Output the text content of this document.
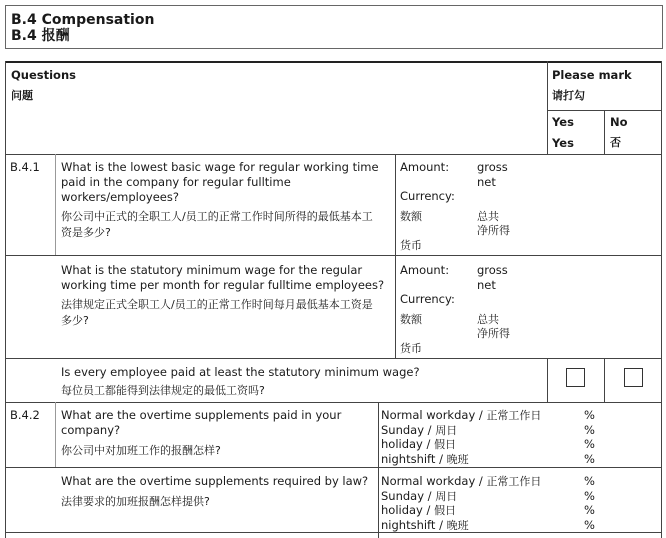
B.4 Compensation
B.4 报酬
Questions
问题
Please mark
请打勾
Yes
Yes
No
否
B.4.1 What is the lowest basic wage for regular working time
paid in the company for regular fulltime
workers/employees?
你公司中正式的全职工人/员工的正常工作时间所得的最低基本工
资是多少?
Amount: gross
net
Currency:
数额	总共
净所得
货币
What is the statutory minimum wage for the regular
working time per month for regular fulltime employees?
法律规定正式全职工人/员工的正常工作时间每月最低基本工资是
多少?
Amount: gross
net
Currency:
数额	总共
净所得
货币
Is every employee paid at least the statutory minimum wage?
每位员工都能得到法律规定的最低工资吗?
B.4.2 What are the overtime supplements paid in your
company?
你公司中对加班工作的报酬怎样?
Normal workday / 正常工作日
Sunday / 周日
holiday / 假日
nightshift / 晚班
%
%
%
%
What are the overtime supplements required by law?
法律要求的加班报酬怎样提供?
Normal workday / 正常工作日
Sunday / 周日
holiday / 假日
nightshift / 晚班
%
%
%
%
